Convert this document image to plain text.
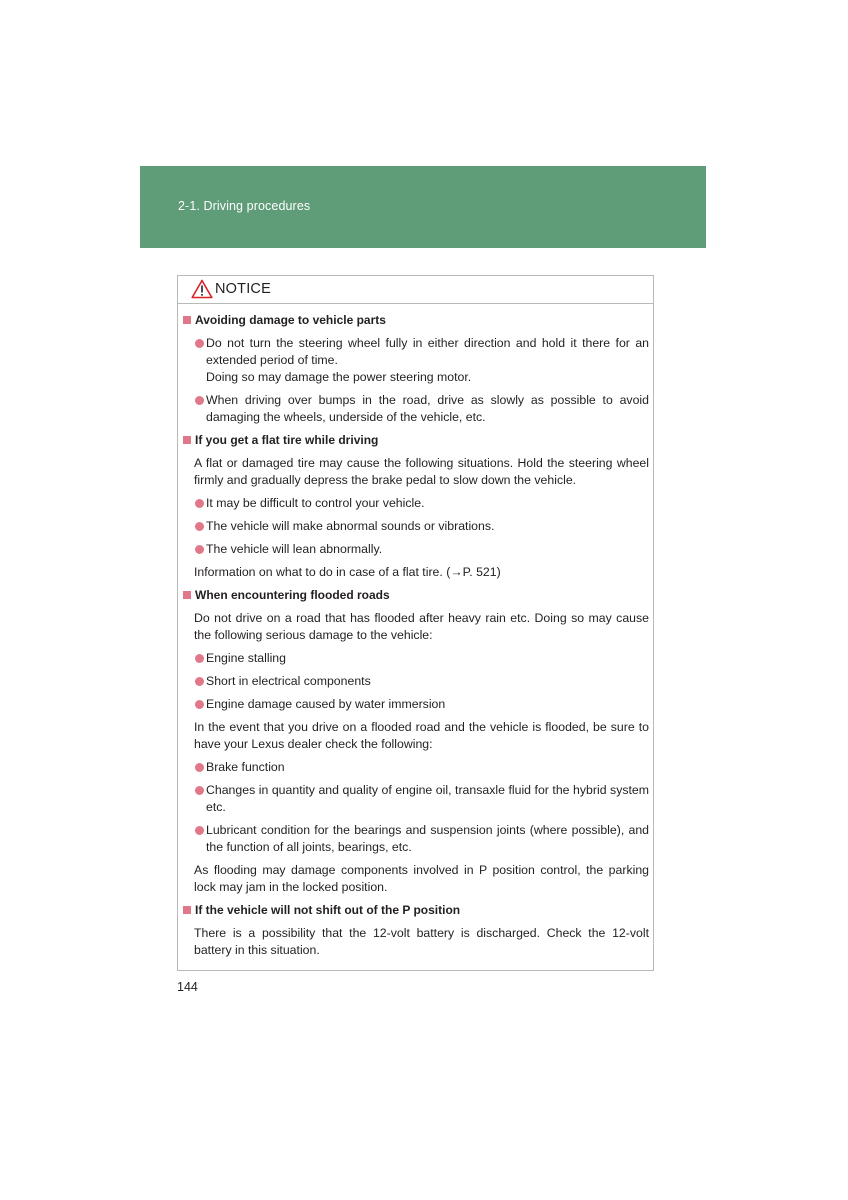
2-1. Driving procedures
NOTICE
Avoiding damage to vehicle parts
Do not turn the steering wheel fully in either direction and hold it there for an extended period of time.
Doing so may damage the power steering motor.
When driving over bumps in the road, drive as slowly as possible to avoid damaging the wheels, underside of the vehicle, etc.
If you get a flat tire while driving
A flat or damaged tire may cause the following situations. Hold the steering wheel firmly and gradually depress the brake pedal to slow down the vehicle.
It may be difficult to control your vehicle.
The vehicle will make abnormal sounds or vibrations.
The vehicle will lean abnormally.
Information on what to do in case of a flat tire. (→P. 521)
When encountering flooded roads
Do not drive on a road that has flooded after heavy rain etc. Doing so may cause the following serious damage to the vehicle:
Engine stalling
Short in electrical components
Engine damage caused by water immersion
In the event that you drive on a flooded road and the vehicle is flooded, be sure to have your Lexus dealer check the following:
Brake function
Changes in quantity and quality of engine oil, transaxle fluid for the hybrid system etc.
Lubricant condition for the bearings and suspension joints (where possible), and the function of all joints, bearings, etc.
As flooding may damage components involved in P position control, the parking lock may jam in the locked position.
If the vehicle will not shift out of the P position
There is a possibility that the 12-volt battery is discharged. Check the 12-volt battery in this situation.
144
